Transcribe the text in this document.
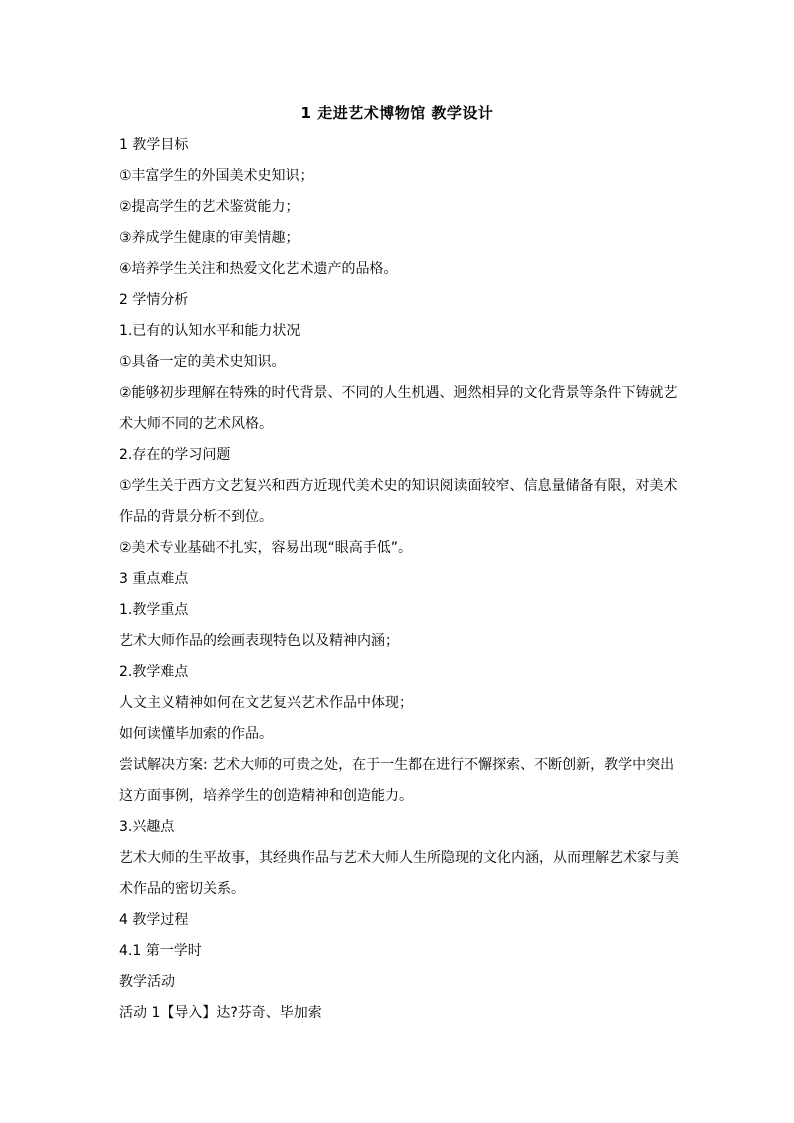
1 走进艺术博物馆 教学设计
1 教学目标
①丰富学生的外国美术史知识；
②提高学生的艺术鉴赏能力；
③养成学生健康的审美情趣；
④培养学生关注和热爱文化艺术遗产的品格。
2 学情分析
1.已有的认知水平和能力状况
①具备一定的美术史知识。
②能够初步理解在特殊的时代背景、不同的人生机遇、迥然相异的文化背景等条件下铸就艺术大师不同的艺术风格。
2.存在的学习问题
①学生关于西方文艺复兴和西方近现代美术史的知识阅读面较窄、信息量储备有限，对美术作品的背景分析不到位。
②美术专业基础不扎实，容易出现“眼高手低”。
3 重点难点
1.教学重点
艺术大师作品的绘画表现特色以及精神内涵；
2.教学难点
人文主义精神如何在文艺复兴艺术作品中体现；
如何读懂毕加索的作品。
尝试解决方案: 艺术大师的可贵之处，在于一生都在进行不懈探索、不断创新，教学中突出这方面事例，培养学生的创造精神和创造能力。
3.兴趣点
艺术大师的生平故事，其经典作品与艺术大师人生所隐现的文化内涵，从而理解艺术家与美术作品的密切关系。
4 教学过程
4.1 第一学时
教学活动
活动 1【导入】达?芬奇、毕加索
